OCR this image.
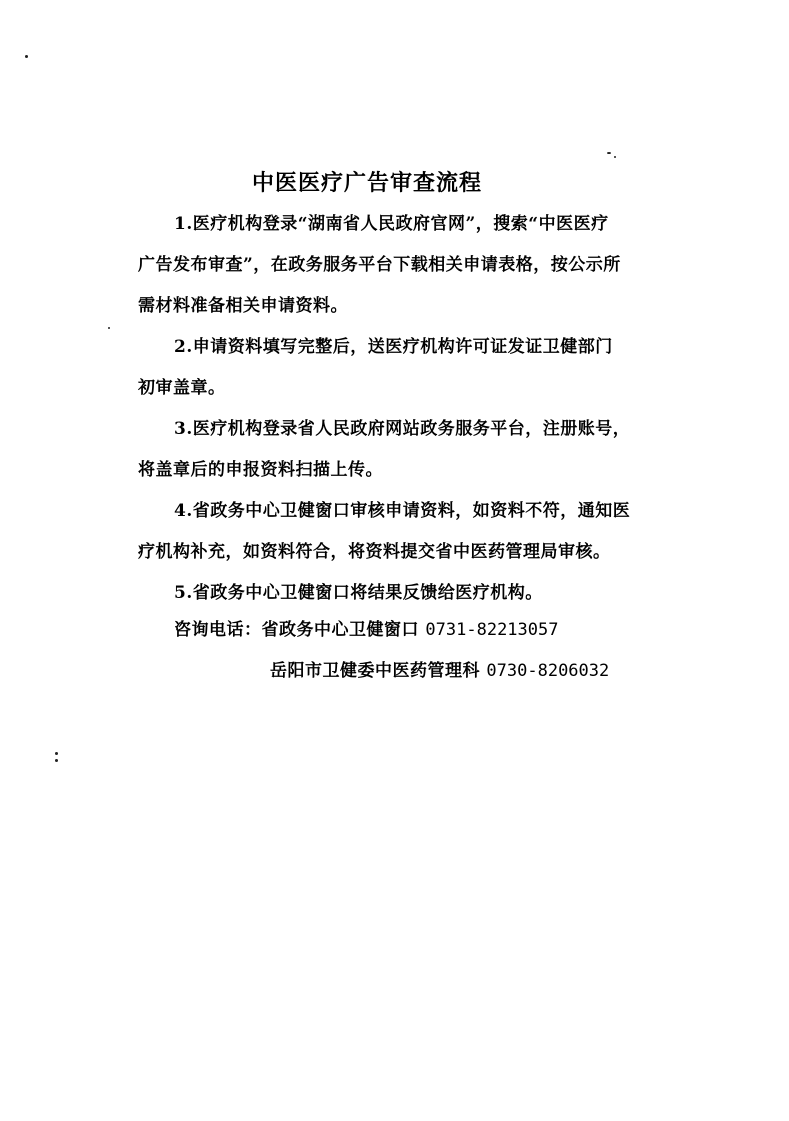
中医医疗广告审查流程
1.医疗机构登录“湖南省人民政府官网”，搜索“中医医疗
广告发布审查”，在政务服务平台下载相关申请表格，按公示所
需材料准备相关申请资料。
2.申请资料填写完整后，送医疗机构许可证发证卫健部门
初审盖章。
3.医疗机构登录省人民政府网站政务服务平台，注册账号，
将盖章后的申报资料扫描上传。
4.省政务中心卫健窗口审核申请资料，如资料不符，通知医
疗机构补充，如资料符合，将资料提交省中医药管理局审核。
5.省政务中心卫健窗口将结果反馈给医疗机构。
咨询电话：省政务中心卫健窗口 0731-82213057
岳阳市卫健委中医药管理科 0730-8206032
